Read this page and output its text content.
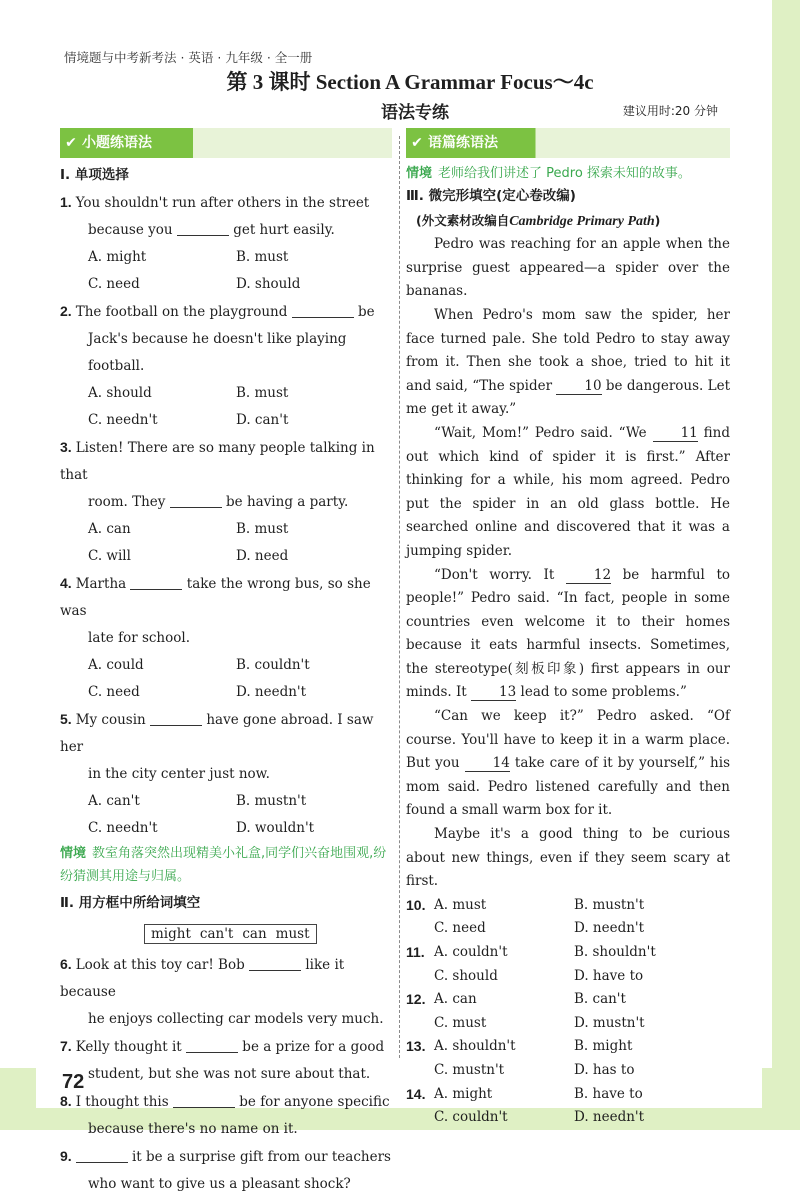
72
情境题与中考新考法 · 英语 · 九年级 · 全一册
第 3 课时 Section A Grammar Focus～4c
语法专练	建议用时:20 分钟
✔ 小题练语法
Ⅰ. 单项选择
1. You shouldn't run after others in the street
because you	get hurt easily.
A. might	B. must
C. need	D. should
2. The football on the playground	be
Jack's because he doesn't like playing football.
A. should	B. must
C. needn't	D. can't
3. Listen! There are so many people talking in that
room. They	be having a party.
A. can	B. must
C. will	D. need
4. Martha	take the wrong bus, so she was
late for school.
A. could	B. couldn't
C. need	D. needn't
5. My cousin	have gone abroad. I saw her
in the city center just now.
A. can't	B. mustn't
C. needn't	D. wouldn't
情境 教室角落突然出现精美小礼盒,同学们兴奋地围观,纷纷猜测其用途与归属。
Ⅱ. 用方框中所给词填空
might can't can must
6. Look at this toy car! Bob	like it because
he enjoys collecting car models very much.
7. Kelly thought it	be a prize for a good
student, but she was not sure about that.
8. I thought this	be for anyone specific
because there's no name on it.
9.	it be a surprise gift from our teachers
who want to give us a pleasant shock?
✔ 语篇练语法
情境 老师给我们讲述了 Pedro 探索未知的故事。
Ⅲ. 微完形填空(定心卷改编)
(外文素材改编自Cambridge Primary Path)

Pedro was reaching for an apple when the surprise guest appeared—a spider over the bananas.

When Pedro's mom saw the spider, her face turned pale. She told Pedro to stay away from it. Then she took a shoe, tried to hit it and said, “The spider 10 be dangerous. Let me get it away.”

“Wait, Mom!” Pedro said. “We	11 find out which kind of spider it is first.” After thinking for a while, his mom agreed. Pedro put the spider in an old glass bottle. He searched online and discovered that it was a jumping spider.

“Don't worry. It	12 be harmful to people!” Pedro said. “In fact, people in some countries even welcome it to their homes because it eats harmful insects. Sometimes, the stereotype(刻板印象) first appears in our minds. It 13 lead to some problems.”

“Can we keep it?” Pedro asked. “Of course. You'll have to keep it in a warm place. But you 14 take care of it by yourself,” his mom said. Pedro listened carefully and then found a small warm box for it.

Maybe it's a good thing to be curious about new things, even if they seem scary at first.

10. A. must	B. mustn't
C. need	D. needn't
11. A. couldn't	B. shouldn't
C. should	D. have to
12. A. can	B. can't
C. must	D. mustn't
13. A. shouldn't	B. might
C. mustn't	D. has to
14. A. might	B. have to
C. couldn't	D. needn't
